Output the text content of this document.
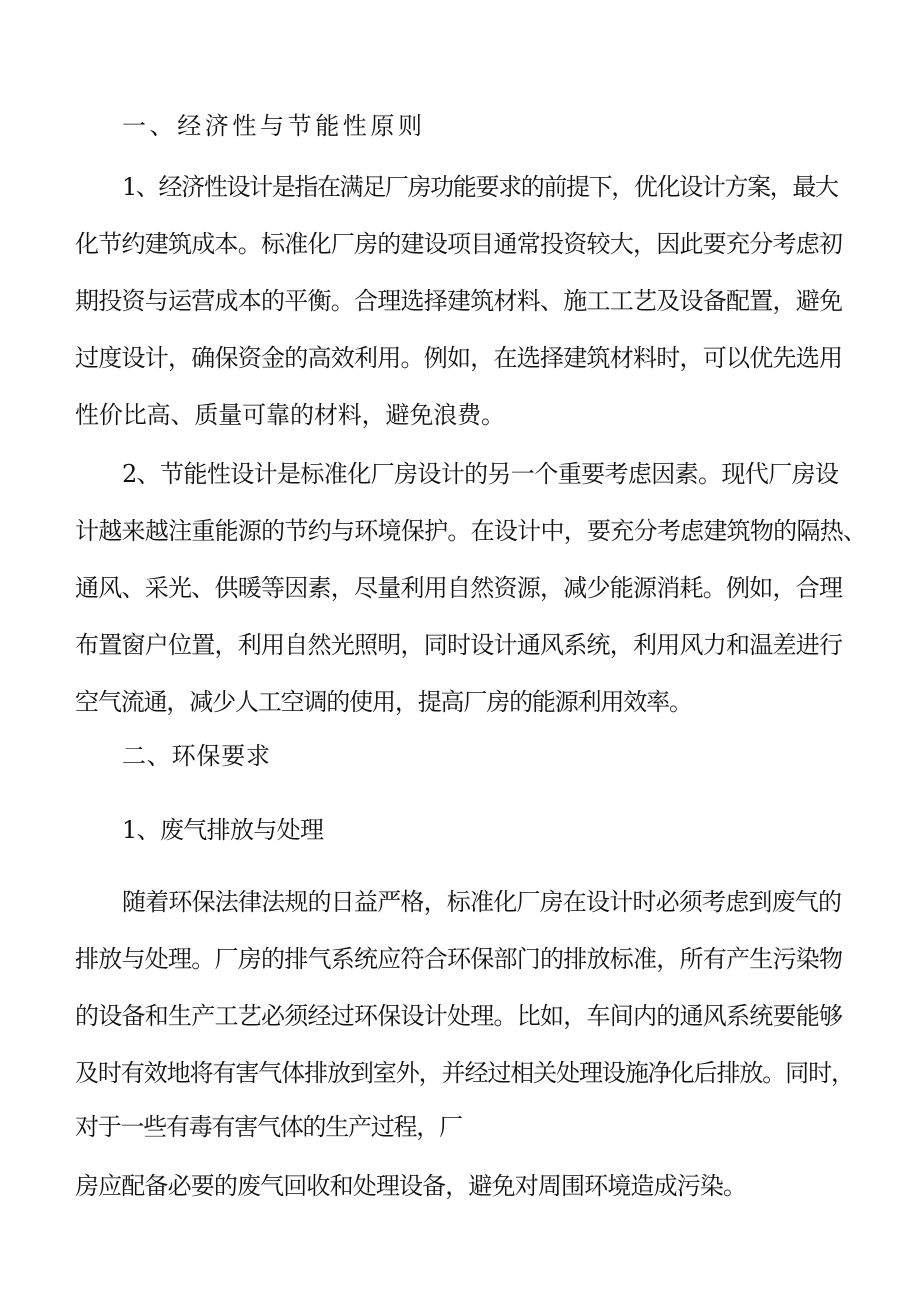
一、经济性与节能性原则

1、经济性设计是指在满足厂房功能要求的前提下，优化设计方案，最大

化节约建筑成本。标准化厂房的建设项目通常投资较大，因此要充分考虑初

期投资与运营成本的平衡。合理选择建筑材料、施工工艺及设备配置，避免

过度设计，确保资金的高效利用。例如，在选择建筑材料时，可以优先选用

性价比高、质量可靠的材料，避免浪费。

2、节能性设计是标准化厂房设计的另一个重要考虑因素。现代厂房设

计越来越注重能源的节约与环境保护。在设计中，要充分考虑建筑物的隔热、

通风、采光、供暖等因素，尽量利用自然资源，减少能源消耗。例如，合理

布置窗户位置，利用自然光照明，同时设计通风系统，利用风力和温差进行

空气流通，减少人工空调的使用，提高厂房的能源利用效率。

二、环保要求

1、废气排放与处理

随着环保法律法规的日益严格，标准化厂房在设计时必须考虑到废气的

排放与处理。厂房的排气系统应符合环保部门的排放标准，所有产生污染物

的设备和生产工艺必须经过环保设计处理。比如，车间内的通风系统要能够

及时有效地将有害气体排放到室外，并经过相关处理设施净化后排放。同时，

对于一些有毒有害气体的生产过程，厂

房应配备必要的废气回收和处理设备，避免对周围环境造成污染。
